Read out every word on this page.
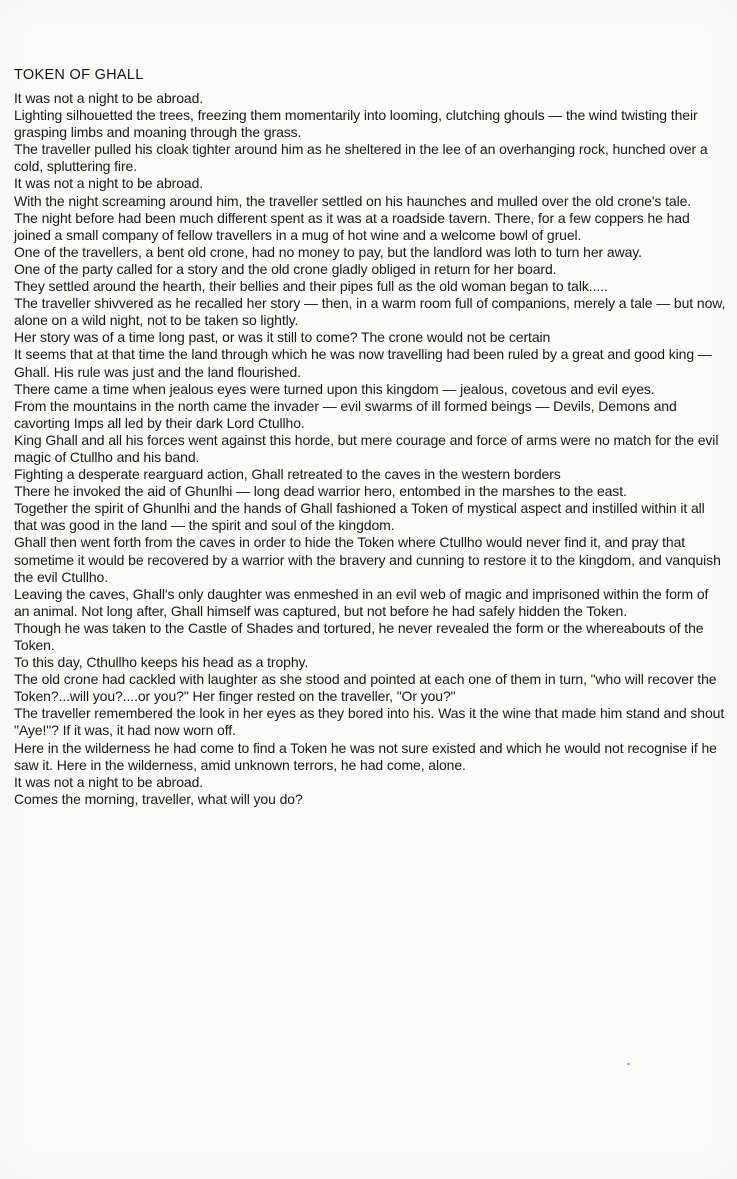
TOKEN OF GHALL

It was not a night to be abroad.

Lighting silhouetted the trees, freezing them momentarily into looming, clutching ghouls — the wind twisting their grasping limbs and moaning through the grass.

The traveller pulled his cloak tighter around him as he sheltered in the lee of an overhanging rock, hunched over a cold, spluttering fire.

It was not a night to be abroad.

With the night screaming around him, the traveller settled on his haunches and mulled over the old crone's tale.

The night before had been much different spent as it was at a roadside tavern. There, for a few coppers he had joined a small company of fellow travellers in a mug of hot wine and a welcome bowl of gruel.

One of the travellers, a bent old crone, had no money to pay, but the landlord was loth to turn her away.

One of the party called for a story and the old crone gladly obliged in return for her board.

They settled around the hearth, their bellies and their pipes full as the old woman began to talk.....

The traveller shivvered as he recalled her story — then, in a warm room full of companions, merely a tale — but now, alone on a wild night, not to be taken so lightly.

Her story was of a time long past, or was it still to come? The crone would not be certain

It seems that at that time the land through which he was now travelling had been ruled by a great and good king — Ghall. His rule was just and the land flourished.

There came a time when jealous eyes were turned upon this kingdom — jealous, covetous and evil eyes.

From the mountains in the north came the invader — evil swarms of ill formed beings — Devils, Demons and cavorting Imps all led by their dark Lord Ctullho.

King Ghall and all his forces went against this horde, but mere courage and force of arms were no match for the evil magic of Ctullho and his band.

Fighting a desperate rearguard action, Ghall retreated to the caves in the western borders

There he invoked the aid of Ghunlhi — long dead warrior hero, entombed in the marshes to the east.

Together the spirit of Ghunlhi and the hands of Ghall fashioned a Token of mystical aspect and instilled within it all that was good in the land — the spirit and soul of the kingdom.

Ghall then went forth from the caves in order to hide the Token where Ctullho would never find it, and pray that sometime it would be recovered by a warrior with the bravery and cunning to restore it to the kingdom, and vanquish the evil Ctullho.

Leaving the caves, Ghall's only daughter was enmeshed in an evil web of magic and imprisoned within the form of an animal. Not long after, Ghall himself was captured, but not before he had safely hidden the Token.

Though he was taken to the Castle of Shades and tortured, he never revealed the form or the whereabouts of the Token.

To this day, Cthullho keeps his head as a trophy.

The old crone had cackled with laughter as she stood and pointed at each one of them in turn, "who will recover the Token?...will you?....or you?" Her finger rested on the traveller, "Or you?"

The traveller remembered the look in her eyes as they bored into his. Was it the wine that made him stand and shout "Aye!"? If it was, it had now worn off.

Here in the wilderness he had come to find a Token he was not sure existed and which he would not recognise if he saw it. Here in the wilderness, amid unknown terrors, he had come, alone.

It was not a night to be abroad.

Comes the morning, traveller, what will you do?
